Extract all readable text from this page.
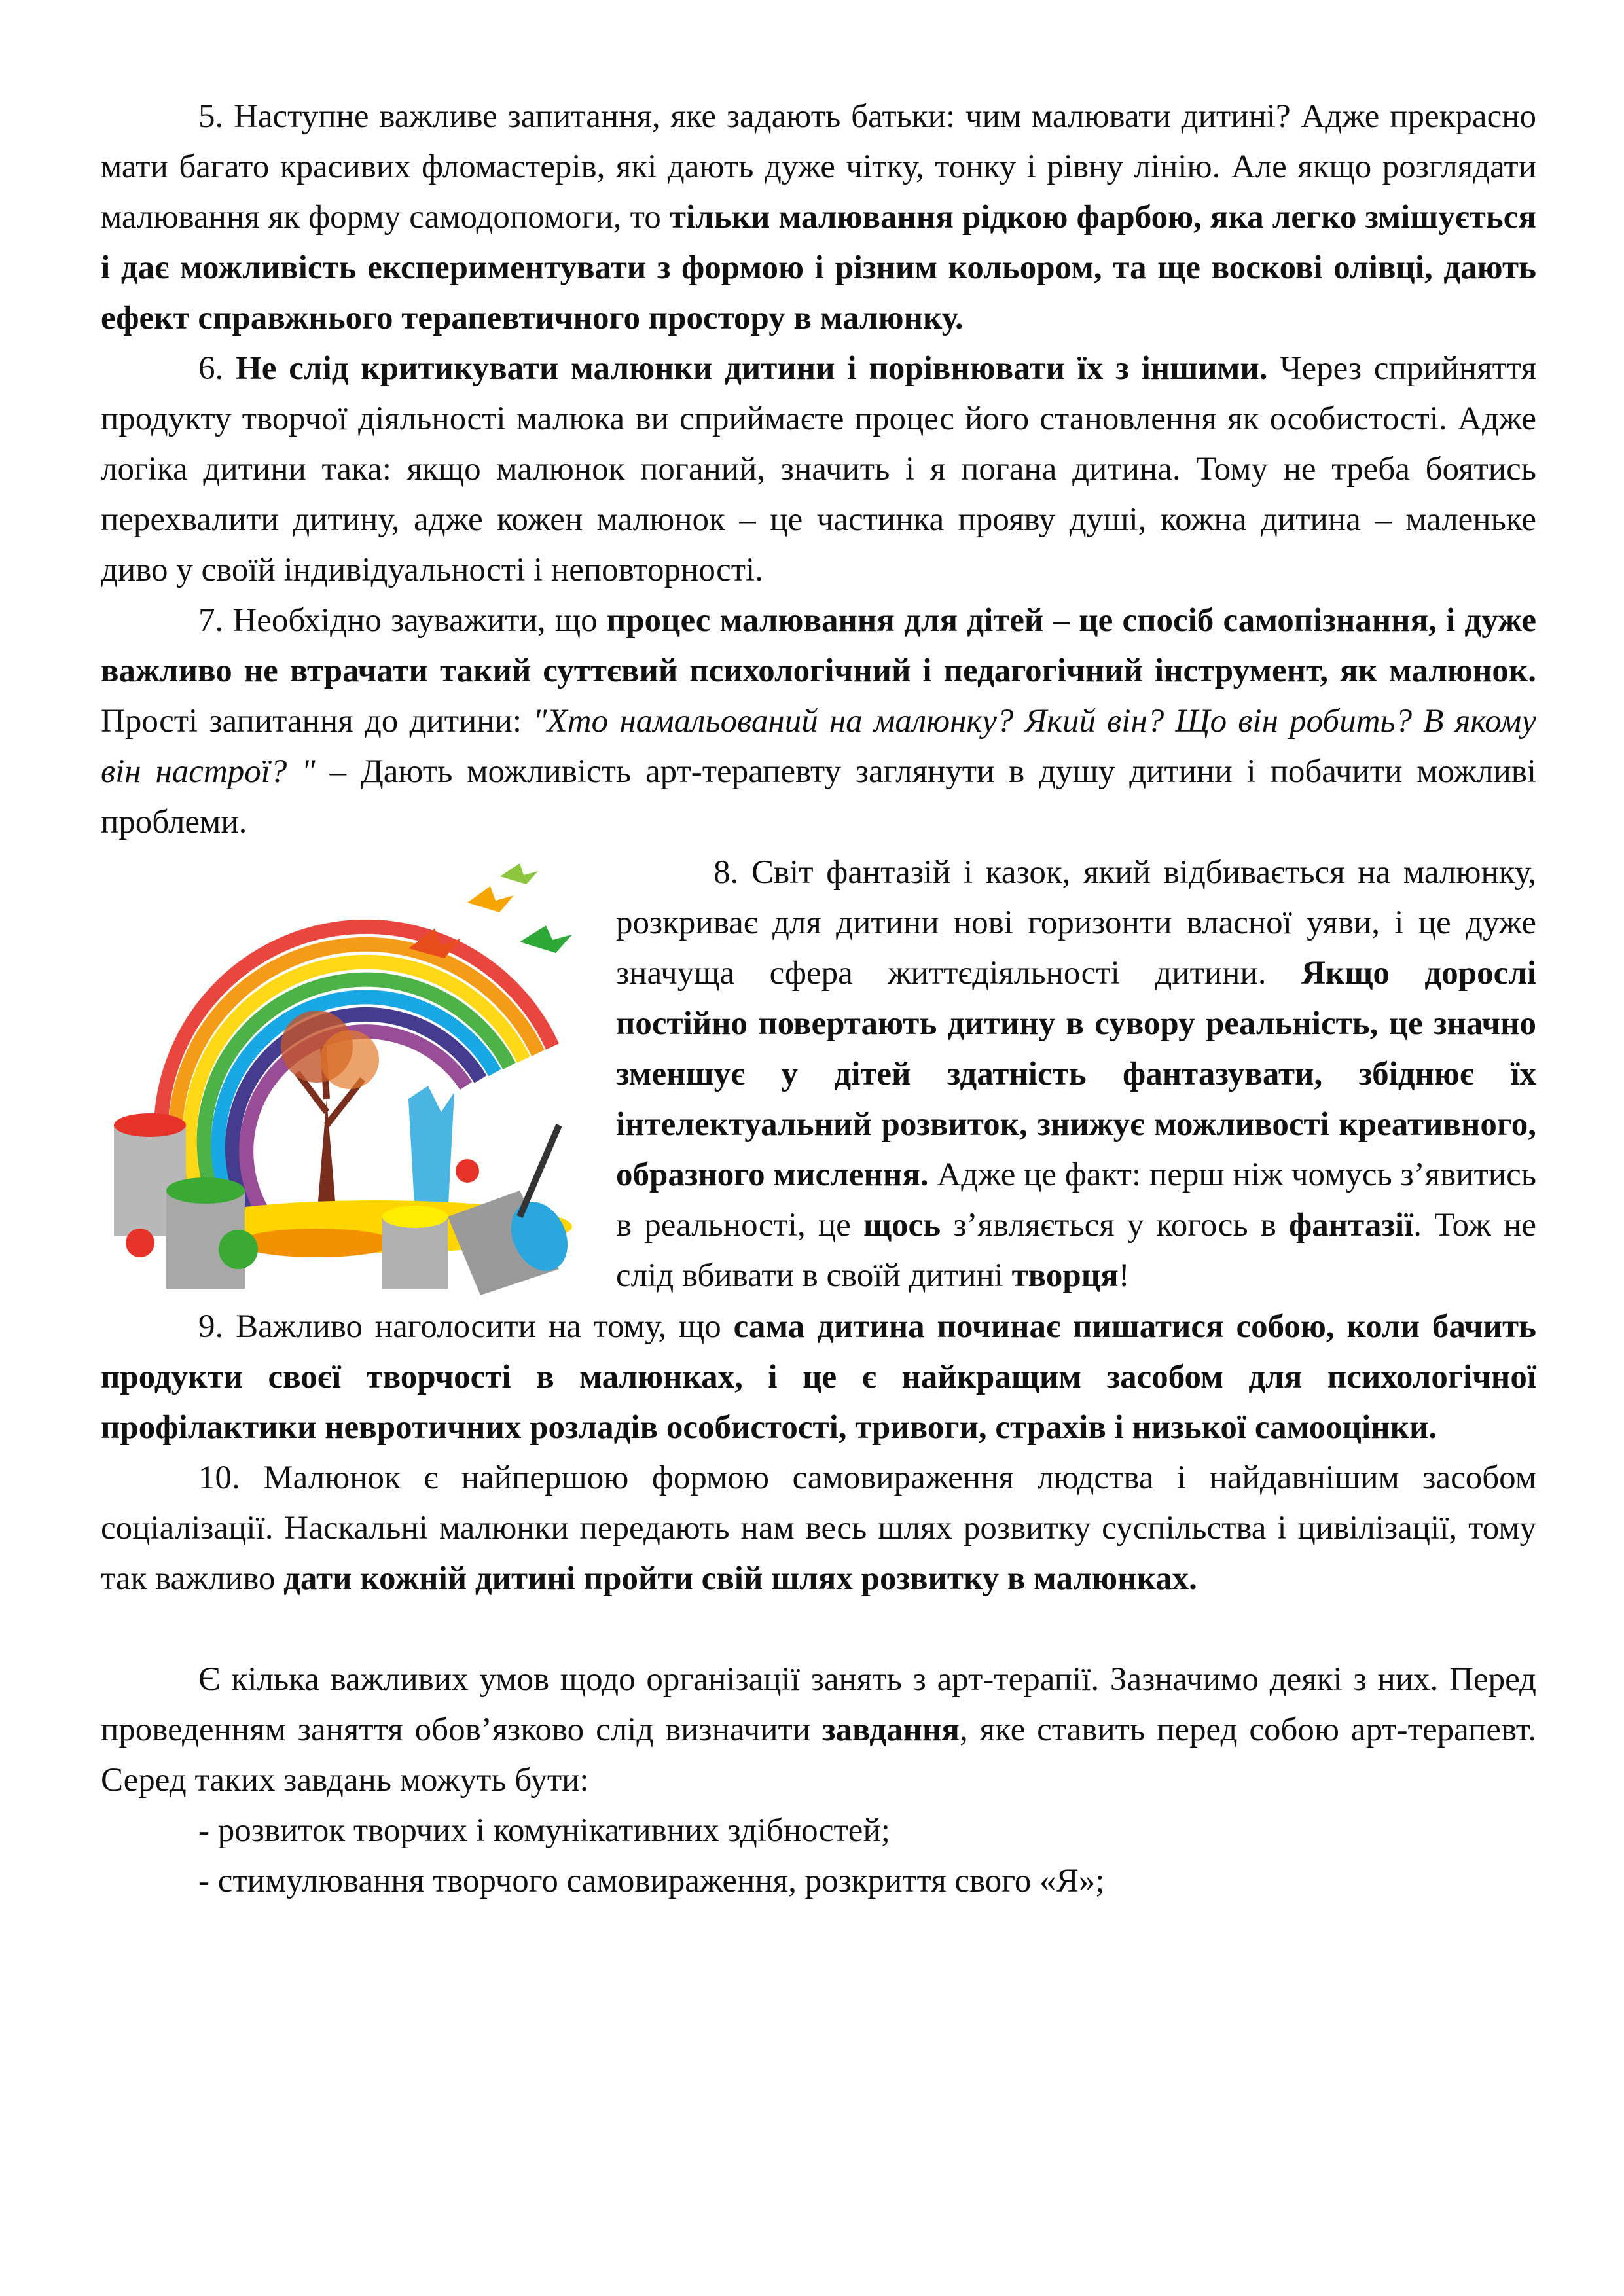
5. Наступне важливе запитання, яке задають батьки: чим малювати дитині? Адже прекрасно мати багато красивих фломастерів, які дають дуже чітку, тонку і рівну лінію. Але якщо розглядати малювання як форму самодопомоги, то тільки малювання рідкою фарбою, яка легко змішується і дає можливість експериментувати з формою і різним кольором, та ще воскові олівці, дають ефект справжнього терапевтичного простору в малюнку.

6. Не слід критикувати малюнки дитини і порівнювати їх з іншими. Через сприйняття продукту творчої діяльності малюка ви сприймаєте процес його становлення як особистості. Адже логіка дитини така: якщо малюнок поганий, значить і я погана дитина. Тому не треба боятись перехвалити дитину, адже кожен малюнок – це частинка прояву душі, кожна дитина – маленьке диво у своїй індивідуальності і неповторності.

7. Необхідно зауважити, що процес малювання для дітей – це спосіб самопізнання, і дуже важливо не втрачати такий суттєвий психологічний і педагогічний інструмент, як малюнок. Прості запитання до дитини: "Хто намальований на малюнку? Який він? Що він робить? В якому він настрої? " – Дають можливість арт-терапевту заглянути в душу дитини і побачити можливі проблеми.

8. Світ фантазій і казок, який відбивається на малюнку, розкриває для дитини нові горизонти власної уяви, і це дуже значуща сфера життєдіяльності дитини. Якщо дорослі постійно повертають дитину в сувору реальність, це значно зменшує у дітей здатність фантазувати, збіднює їх інтелектуальний розвиток, знижує можливості креативного, образного мислення. Адже це факт: перш ніж чомусь з’явитись в реальності, це щось з’являється у когось в фантазії. Тож не слід вбивати в своїй дитині творця!

9. Важливо наголосити на тому, що сама дитина починає пишатися собою, коли бачить продукти своєї творчості в малюнках, і це є найкращим засобом для психологічної профілактики невротичних розладів особистості, тривоги, страхів і низької самооцінки.

10. Малюнок є найпершою формою самовираження людства і найдавнішим засобом соціалізації. Наскальні малюнки передають нам весь шлях розвитку суспільства і цивілізації, тому так важливо дати кожній дитині пройти свій шлях розвитку в малюнках.

Є кілька важливих умов щодо організації занять з арт-терапії. Зазначимо деякі з них. Перед проведенням заняття обов’язково слід визначити завдання, яке ставить перед собою арт-терапевт. Серед таких завдань можуть бути:

- розвиток творчих і комунікативних здібностей;

- стимулювання творчого самовираження, розкриття свого «Я»;
